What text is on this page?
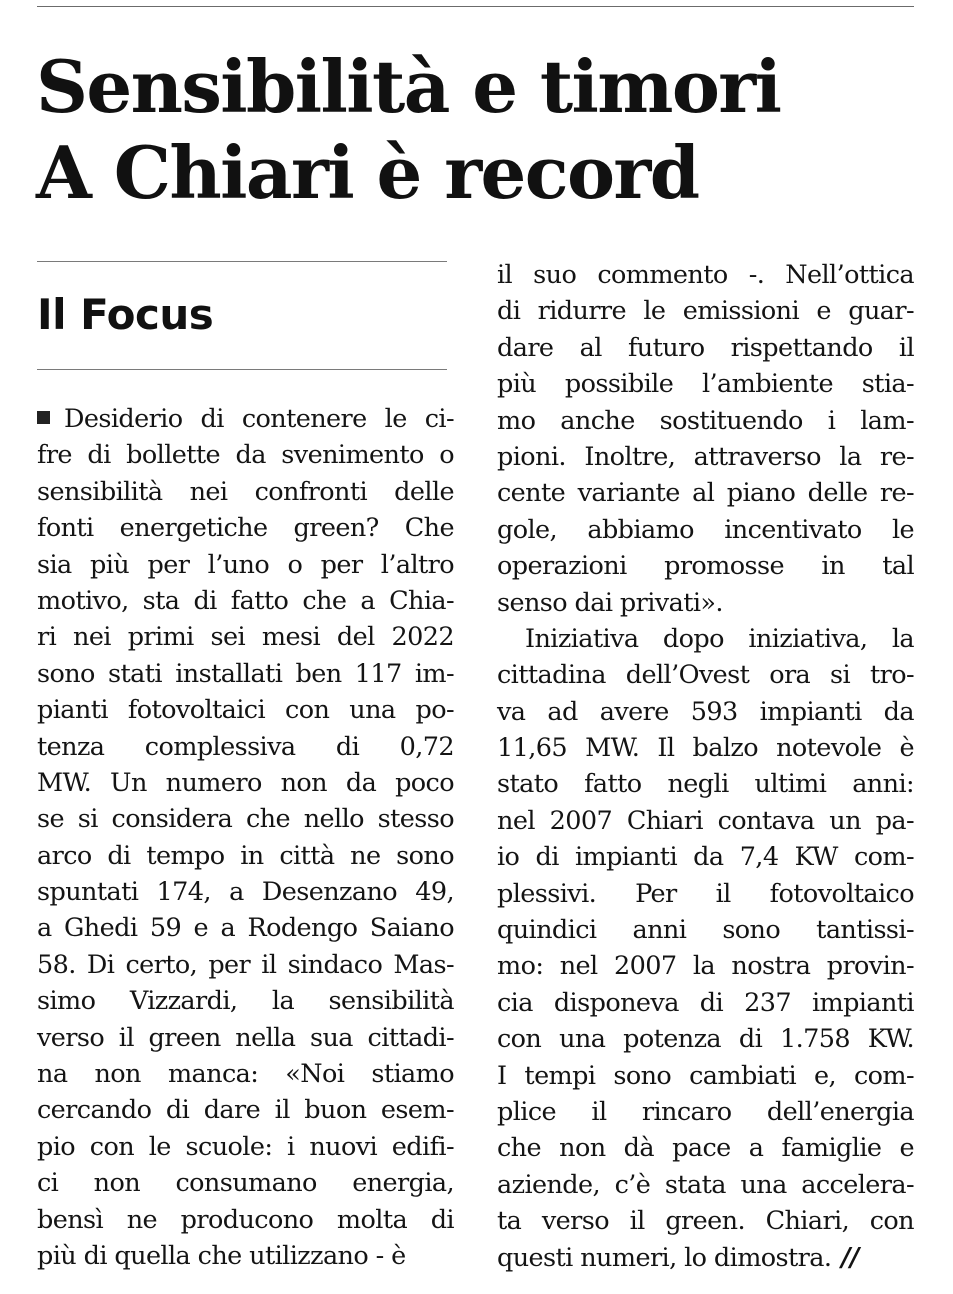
Sensibilità e timori
A Chiari è record
Il Focus
Desiderio di contenere le ci-
fre di bollette da svenimento o
sensibilità nei confronti delle
fonti energetiche green? Che
sia più per l’uno o per l’altro
motivo, sta di fatto che a Chia-
ri nei primi sei mesi del 2022
sono stati installati ben 117 im-
pianti fotovoltaici con una po-
tenza complessiva di 0,72
MW. Un numero non da poco
se si considera che nello stesso
arco di tempo in città ne sono
spuntati 174, a Desenzano 49,
a Ghedi 59 e a Rodengo Saiano
58. Di certo, per il sindaco Mas-
simo Vizzardi, la sensibilità
verso il green nella sua cittadi-
na non manca: «Noi stiamo
cercando di dare il buon esem-
pio con le scuole: i nuovi edifi-
ci non consumano energia,
bensì ne producono molta di
più di quella che utilizzano - è
il suo commento -. Nell’ottica
di ridurre le emissioni e guar-
dare al futuro rispettando il
più possibile l’ambiente stia-
mo anche sostituendo i lam-
pioni. Inoltre, attraverso la re-
cente variante al piano delle re-
gole, abbiamo incentivato le
operazioni promosse in tal
senso dai privati».
Iniziativa dopo iniziativa, la
cittadina dell’Ovest ora si tro-
va ad avere 593 impianti da
11,65 MW. Il balzo notevole è
stato fatto negli ultimi anni:
nel 2007 Chiari contava un pa-
io di impianti da 7,4 KW com-
plessivi. Per il fotovoltaico
quindici anni sono tantissi-
mo: nel 2007 la nostra provin-
cia disponeva di 237 impianti
con una potenza di 1.758 KW.
I tempi sono cambiati e, com-
plice il rincaro dell’energia
che non dà pace a famiglie e
aziende, c’è stata una accelera-
ta verso il green. Chiari, con
questi numeri, lo dimostra. //
